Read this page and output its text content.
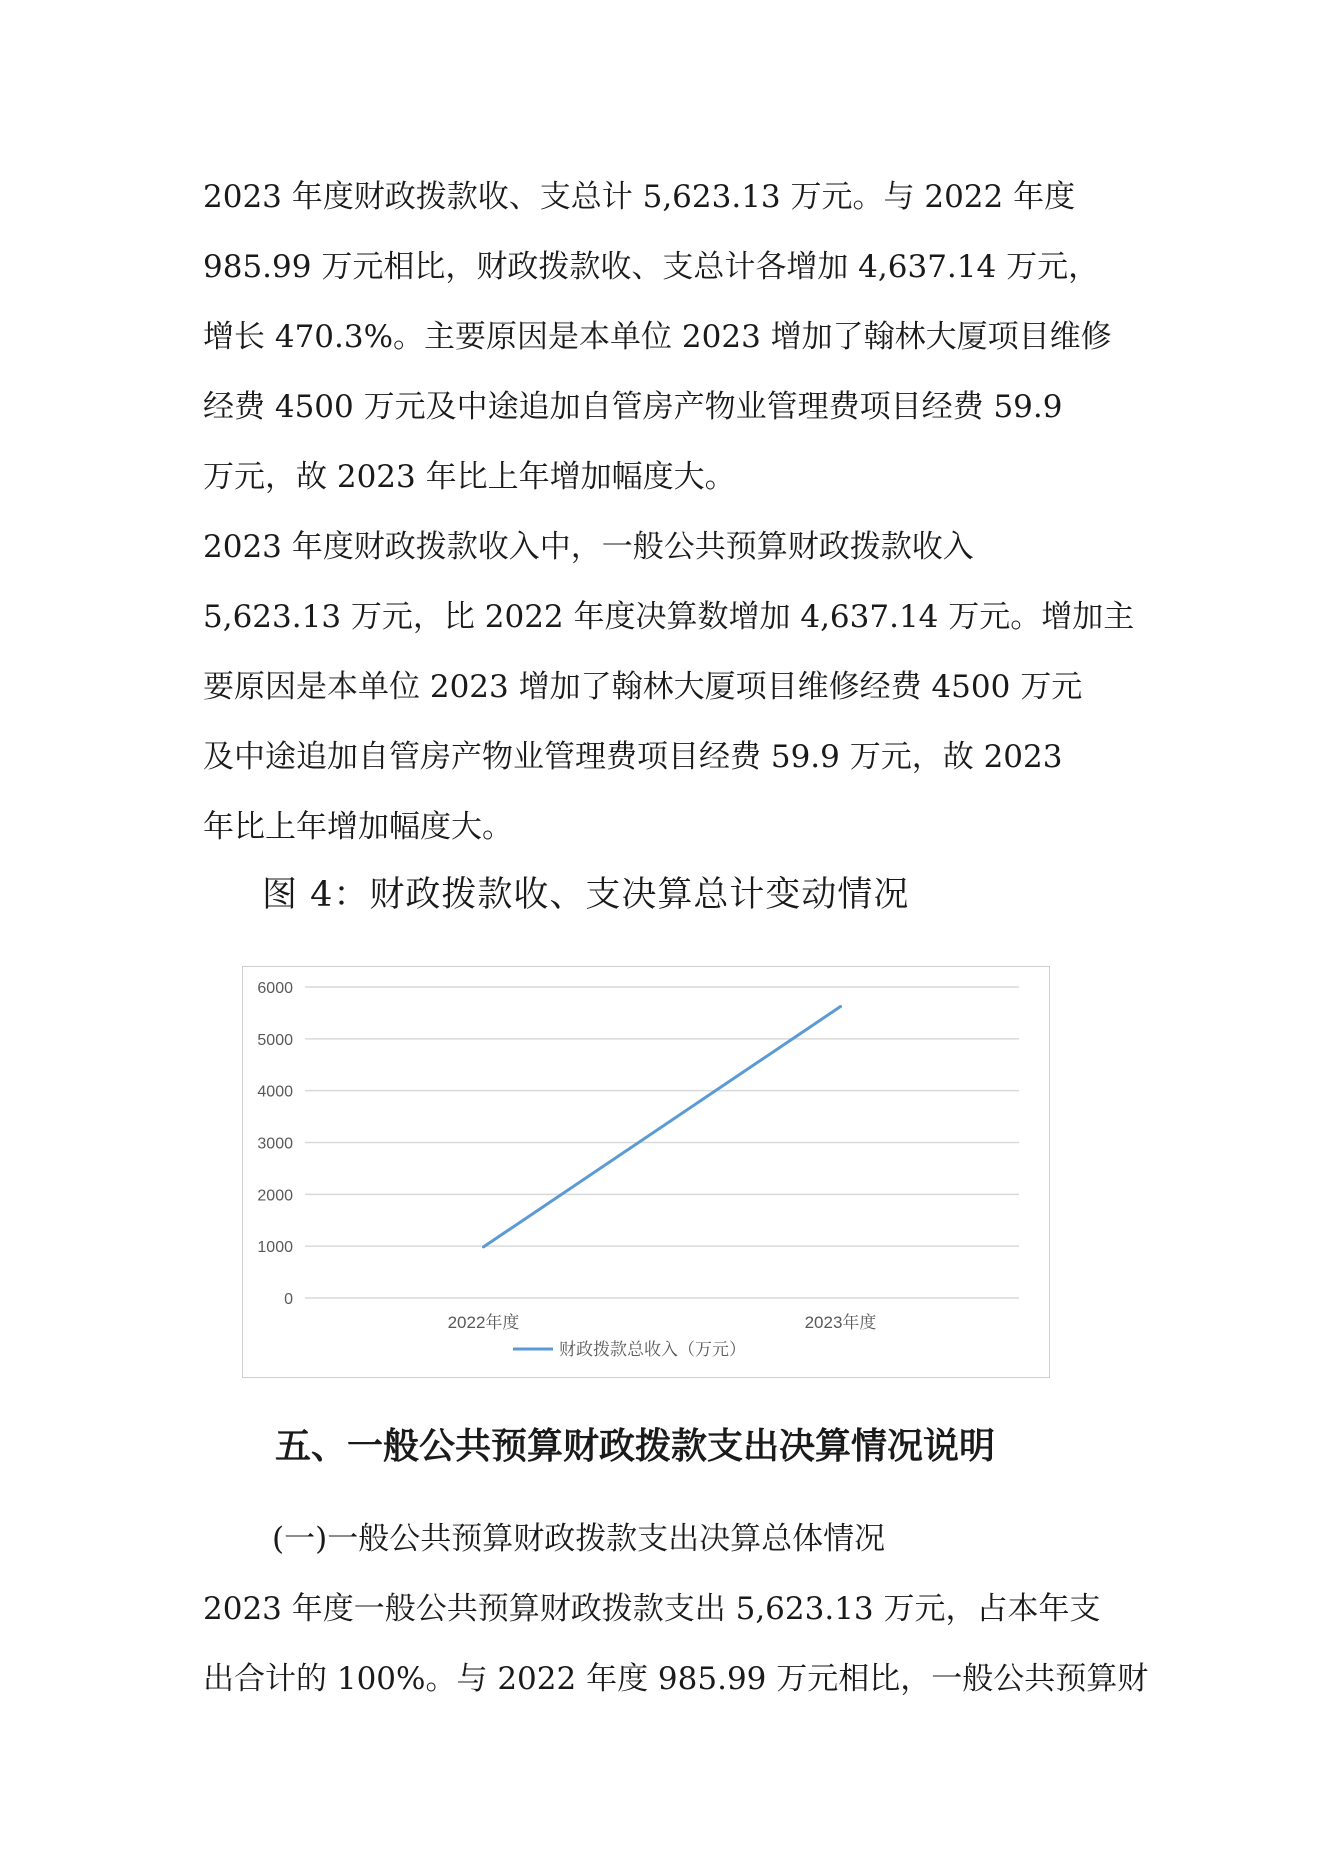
2023 年度财政拨款收、支总计 5,623.13 万元。与 2022 年度
985.99 万元相比，财政拨款收、支总计各增加 4,637.14 万元，
增长 470.3%。主要原因是本单位 2023 增加了翰林大厦项目维修
经费 4500 万元及中途追加自管房产物业管理费项目经费 59.9
万元，故 2023 年比上年增加幅度大。
2023 年度财政拨款收入中，一般公共预算财政拨款收入
5,623.13 万元，比 2022 年度决算数增加 4,637.14 万元。增加主
要原因是本单位 2023 增加了翰林大厦项目维修经费 4500 万元
及中途追加自管房产物业管理费项目经费 59.9 万元，故 2023
年比上年增加幅度大。
图 4：财政拨款收、支决算总计变动情况
0
1000
2000
3000
4000
5000
6000
2022年度	2023年度
财政拨款总收入（万元）
五、一般公共预算财政拨款支出决算情况说明
(一)一般公共预算财政拨款支出决算总体情况
2023 年度一般公共预算财政拨款支出 5,623.13 万元，占本年支
出合计的 100%。与 2022 年度 985.99 万元相比，一般公共预算财
